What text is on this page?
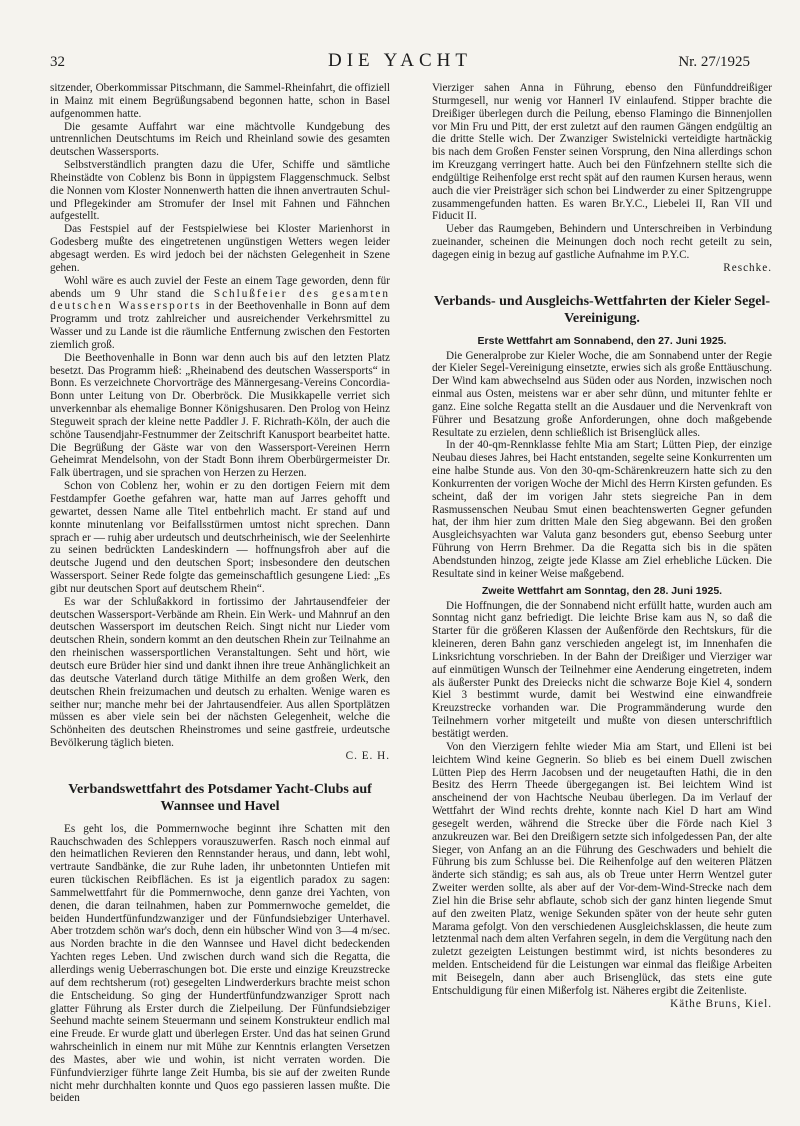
32	DIE YACHT	Nr. 27/1925

sitzender, Oberkommissar Pitschmann, die Sammel-Rheinfahrt, die offiziell in Mainz mit einem Begrüßungsabend begonnen hatte, schon in Basel aufgenommen hatte.

Die gesamte Auffahrt war eine mächtvolle Kundgebung des untrennlichen Deutschtums im Reich und Rheinland sowie des gesamten deutschen Wassersports.

Selbstverständlich prangten dazu die Ufer, Schiffe und sämtliche Rheinstädte von Coblenz bis Bonn in üppigstem Flaggenschmuck. Selbst die Nonnen vom Kloster Nonnenwerth hatten die ihnen anvertrauten Schul- und Pflegekinder am Stromufer der Insel mit Fahnen und Fähnchen aufgestellt.

Das Festspiel auf der Festspielwiese bei Kloster Marienhorst in Godesberg mußte des eingetretenen ungünstigen Wetters wegen leider abgesagt werden. Es wird jedoch bei der nächsten Gelegenheit in Szene gehen.

Wohl wäre es auch zuviel der Feste an einem Tage geworden, denn für abends um 9 Uhr stand die Schlußfeier des gesamten deutschen Wassersports in der Beethovenhalle in Bonn auf dem Programm und trotz zahlreicher und ausreichender Verkehrsmittel zu Wasser und zu Lande ist die räumliche Entfernung zwischen den Festorten ziemlich groß.

Die Beethovenhalle in Bonn war denn auch bis auf den letzten Platz besetzt. Das Programm hieß: „Rheinabend des deutschen Wassersports“ in Bonn. Es verzeichnete Chorvorträge des Männergesang-Vereins Concordia-Bonn unter Leitung von Dr. Oberbröck. Die Musikkapelle verriet sich unverkennbar als ehemalige Bonner Königshusaren. Den Prolog von Heinz Steguweit sprach der kleine nette Paddler J. F. Richrath-Köln, der auch die schöne Tausendjahr-Festnummer der Zeitschrift Kanusport bearbeitet hatte. Die Begrüßung der Gäste war von den Wassersport-Vereinen Herrn Geheimrat Mendelsohn, von der Stadt Bonn ihrem Oberbürgermeister Dr. Falk übertragen, und sie sprachen von Herzen zu Herzen.

Schon von Coblenz her, wohin er zu den dortigen Feiern mit dem Festdampfer Goethe gefahren war, hatte man auf Jarres gehofft und gewartet, dessen Name alle Titel entbehrlich macht. Er stand auf und konnte minutenlang vor Beifallsstürmen umtost nicht sprechen. Dann sprach er — ruhig aber urdeutsch und deutschrheinisch, wie der Seelenhirte zu seinen bedrückten Landeskindern — hoffnungsfroh aber auf die deutsche Jugend und den deutschen Sport; insbesondere den deutschen Wassersport. Seiner Rede folgte das gemeinschaftlich gesungene Lied: „Es gibt nur deutschen Sport auf deutschem Rhein“.

Es war der Schlußakkord in fortissimo der Jahrtausendfeier der deutschen Wassersport-Verbände am Rhein. Ein Werk- und Mahnruf an den deutschen Wassersport im deutschen Reich. Singt nicht nur Lieder vom deutschen Rhein, sondern kommt an den deutschen Rhein zur Teilnahme an den rheinischen wassersportlichen Veranstaltungen. Seht und hört, wie deutsch eure Brüder hier sind und dankt ihnen ihre treue Anhänglichkeit an das deutsche Vaterland durch tätige Mithilfe an dem großen Werk, den deutschen Rhein freizumachen und deutsch zu erhalten. Wenige waren es seither nur; manche mehr bei der Jahrtausendfeier. Aus allen Sportplätzen müssen es aber viele sein bei der nächsten Gelegenheit, welche die Schönheiten des deutschen Rheinstromes und seine gastfreie, urdeutsche Bevölkerung täglich bieten.

C. E. H.
Verbandswettfahrt des Potsdamer Yacht-Clubs auf Wannsee und Havel

Es geht los, die Pommernwoche beginnt ihre Schatten mit den Rauchschwaden des Schleppers vorauszuwerfen. Rasch noch einmal auf den heimatlichen Revieren den Rennstander heraus, und dann, lebt wohl, vertraute Sandbänke, die zur Ruhe laden, ihr unbetonnten Untiefen mit euren tückischen Reibflächen. Es ist ja eigentlich paradox zu sagen: Sammelwettfahrt für die Pommernwoche, denn ganze drei Yachten, von denen, die daran teilnahmen, haben zur Pommernwoche gemeldet, die beiden Hundertfünfundzwanziger und der Fünfundsiebziger Unterhavel. Aber trotzdem schön war's doch, denn ein hübscher Wind von 3—4 m/sec. aus Norden brachte in die den Wannsee und Havel dicht bedeckenden Yachten reges Leben. Und zwischen durch wand sich die Regatta, die allerdings wenig Ueberraschungen bot. Die erste und einzige Kreuzstrecke auf dem rechtsherum (rot) gesegelten Lindwerderkurs brachte meist schon die Entscheidung. So ging der Hundertfünfundzwanziger Sprott nach glatter Führung als Erster durch die Zielpeilung. Der Fünfundsiebziger Seehund machte seinem Steuermann und seinem Konstrukteur endlich mal eine Freude. Er wurde glatt und überlegen Erster. Und das hat seinen Grund wahrscheinlich in einem nur mit Mühe zur Kenntnis erlangten Versetzen des Mastes, aber wie und wohin, ist nicht verraten worden. Die Fünfundvierziger führte lange Zeit Humba, bis sie auf der zweiten Runde nicht mehr durchhalten konnte und Quos ego passieren lassen mußte. Die beiden

Vierziger sahen Anna in Führung, ebenso den Fünfunddreißiger Sturmgesell, nur wenig vor Hannerl IV einlaufend. Stipper brachte die Dreißiger überlegen durch die Peilung, ebenso Flamingo die Binnenjollen vor Min Fru und Pitt, der erst zuletzt auf den raumen Gängen endgültig an die dritte Stelle wich. Der Zwanziger Swistelnicki verteidigte hartnäckig bis nach dem Großen Fenster seinen Vorsprung, den Nina allerdings schon im Kreuzgang verringert hatte. Auch bei den Fünfzehnern stellte sich die endgültige Reihenfolge erst recht spät auf den raumen Kursen heraus, wenn auch die vier Preisträger sich schon bei Lindwerder zu einer Spitzengruppe zusammengefunden hatten. Es waren Br.Y.C., Liebelei II, Ran VII und Fiducit II.

Ueber das Raumgeben, Behindern und Unterschreiben in Verbindung zueinander, scheinen die Meinungen doch noch recht geteilt zu sein, dagegen einig in bezug auf gastliche Aufnahme im P.Y.C.

Reschke.
Verbands- und Ausgleichs-Wettfahrten der Kieler Segel-Vereinigung.
Erste Wettfahrt am Sonnabend, den 27. Juni 1925.

Die Generalprobe zur Kieler Woche, die am Sonnabend unter der Regie der Kieler Segel-Vereinigung einsetzte, erwies sich als große Enttäuschung. Der Wind kam abwechselnd aus Süden oder aus Norden, inzwischen noch einmal aus Osten, meistens war er aber sehr dünn, und mitunter fehlte er ganz. Eine solche Regatta stellt an die Ausdauer und die Nervenkraft von Führer und Besatzung große Anforderungen, ohne doch maßgebende Resultate zu erzielen, denn schließlich ist Brisenglück alles.

In der 40-qm-Rennklasse fehlte Mia am Start; Lütten Piep, der einzige Neubau dieses Jahres, bei Hacht entstanden, segelte seine Konkurrenten um eine halbe Stunde aus. Von den 30-qm-Schärenkreuzern hatte sich zu den Konkurrenten der vorigen Woche der Michl des Herrn Kirsten gefunden. Es scheint, daß der im vorigen Jahr stets siegreiche Pan in dem Rasmussenschen Neubau Smut einen beachtenswerten Gegner gefunden hat, der ihm hier zum dritten Male den Sieg abgewann. Bei den großen Ausgleichsyachten war Valuta ganz besonders gut, ebenso Seeburg unter Führung von Herrn Brehmer. Da die Regatta sich bis in die späten Abendstunden hinzog, zeigte jede Klasse am Ziel erhebliche Lücken. Die Resultate sind in keiner Weise maßgebend.

Zweite Wettfahrt am Sonntag, den 28. Juni 1925.

Die Hoffnungen, die der Sonnabend nicht erfüllt hatte, wurden auch am Sonntag nicht ganz befriedigt. Die leichte Brise kam aus N, so daß die Starter für die größeren Klassen der Außenförde den Rechtskurs, für die kleineren, deren Bahn ganz verschieden angelegt ist, im Innenhafen die Linksrichtung vorschrieben. In der Bahn der Dreißiger und Vierziger war auf einmütigen Wunsch der Teilnehmer eine Aenderung eingetreten, indem als äußerster Punkt des Dreiecks nicht die schwarze Boje Kiel 4, sondern Kiel 3 bestimmt wurde, damit bei Westwind eine einwandfreie Kreuzstrecke vorhanden war. Die Programmänderung wurde den Teilnehmern vorher mitgeteilt und mußte von diesen unterschriftlich bestätigt werden.

Von den Vierzigern fehlte wieder Mia am Start, und Elleni ist bei leichtem Wind keine Gegnerin. So blieb es bei einem Duell zwischen Lütten Piep des Herrn Jacobsen und der neugetauften Hathi, die in den Besitz des Herrn Theede übergegangen ist. Bei leichtem Wind ist anscheinend der von Hachtsche Neubau überlegen. Da im Verlauf der Wettfahrt der Wind rechts drehte, konnte nach Kiel D hart am Wind gesegelt werden, während die Strecke über die Förde nach Kiel 3 anzukreuzen war. Bei den Dreißigern setzte sich infolgedessen Pan, der alte Sieger, von Anfang an an die Führung des Geschwaders und behielt die Führung bis zum Schlusse bei. Die Reihenfolge auf den weiteren Plätzen änderte sich ständig; es sah aus, als ob Treue unter Herrn Wentzel guter Zweiter werden sollte, als aber auf der Vor-dem-Wind-Strecke nach dem Ziel hin die Brise sehr abflaute, schob sich der ganz hinten liegende Smut auf den zweiten Platz, wenige Sekunden später von der heute sehr guten Marama gefolgt. Von den verschiedenen Ausgleichsklassen, die heute zum letztenmal nach dem alten Verfahren segeln, in dem die Vergütung nach den zuletzt gezeigten Leistungen bestimmt wird, ist nichts besonderes zu melden. Entscheidend für die Leistungen war einmal das fleißige Arbeiten mit Beisegeln, dann aber auch Brisenglück, das stets eine gute Entschuldigung für einen Mißerfolg ist. Näheres ergibt die Zeitenliste.

Käthe Bruns, Kiel.
